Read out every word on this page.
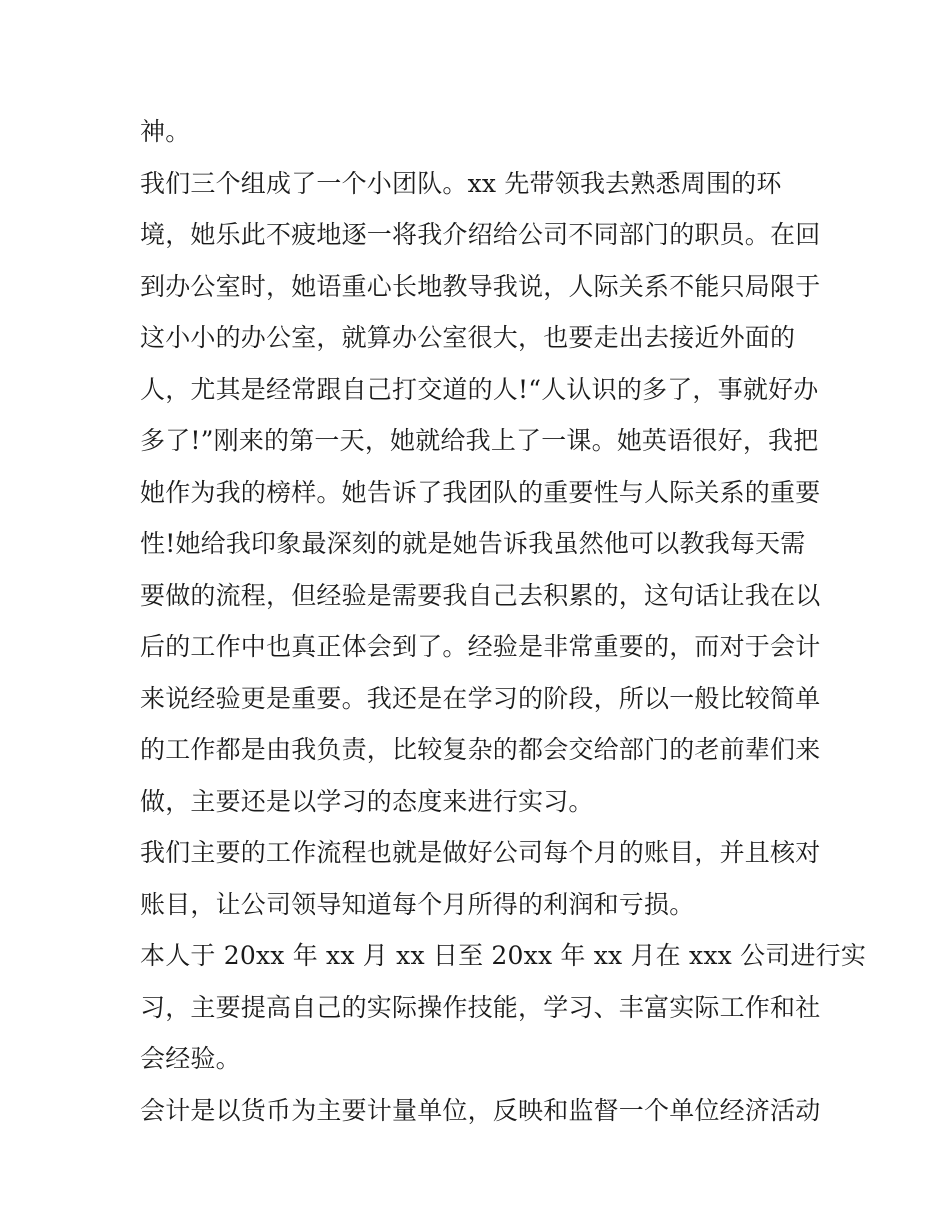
神。
我们三个组成了一个小团队。xx 先带领我去熟悉周围的环
境，她乐此不疲地逐一将我介绍给公司不同部门的职员。在回
到办公室时，她语重心长地教导我说，人际关系不能只局限于
这小小的办公室，就算办公室很大，也要走出去接近外面的
人，尤其是经常跟自己打交道的人!“人认识的多了，事就好办
多了!”刚来的第一天，她就给我上了一课。她英语很好，我把
她作为我的榜样。她告诉了我团队的重要性与人际关系的重要
性!她给我印象最深刻的就是她告诉我虽然他可以教我每天需
要做的流程，但经验是需要我自己去积累的，这句话让我在以
后的工作中也真正体会到了。经验是非常重要的，而对于会计
来说经验更是重要。我还是在学习的阶段，所以一般比较简单
的工作都是由我负责，比较复杂的都会交给部门的老前辈们来
做，主要还是以学习的态度来进行实习。
我们主要的工作流程也就是做好公司每个月的账目，并且核对
账目，让公司领导知道每个月所得的利润和亏损。
本人于 20xx 年 xx 月 xx 日至 20xx 年 xx 月在 xxx 公司进行实
习，主要提高自己的实际操作技能，学习、丰富实际工作和社
会经验。
会计是以货币为主要计量单位，反映和监督一个单位经济活动
